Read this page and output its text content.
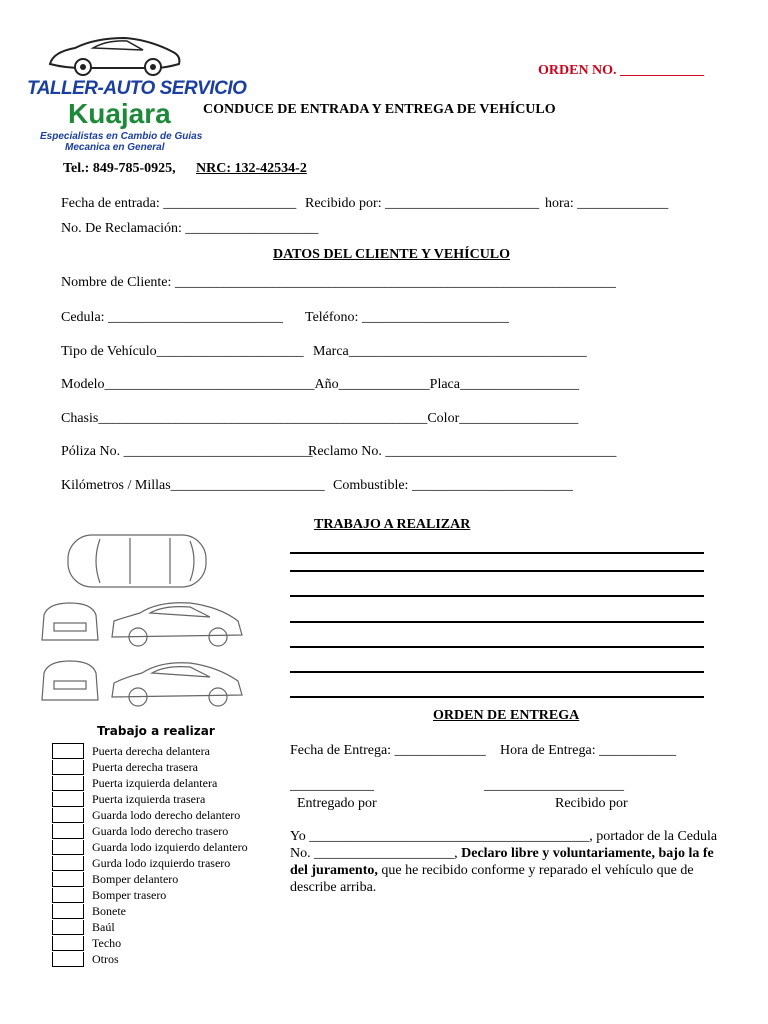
TALLER-AUTO SERVICIO
Kuajara
Especialistas en Cambio de Guias
Mecanica en General
ORDEN NO. ____________
CONDUCE DE ENTRADA Y ENTREGA DE VEHÍCULO
Tel.: 849-785-0925, NRC: 132-42534-2
Fecha de entrada: ___________________ Recibido por: ______________________ hora: _____________
No. De Reclamación: ___________________
DATOS DEL CLIENTE Y VEHÍCULO
Nombre de Cliente: _______________________________________________________________
Cedula: _________________________ Teléfono: _____________________
Tipo de Vehículo_____________________ Marca__________________________________
Modelo______________________________Año_____________Placa_________________
Chasis_______________________________________________Color_________________
Póliza No. ___________________________
Reclamo No. _________________________________
Kilómetros / Millas______________________ Combustible: _______________________
TRABAJO A REALIZAR
Trabajo a realizar
Puerta derecha delantera
Puerta derecha trasera
Puerta izquierda delantera
Puerta izquierda trasera
Guarda lodo derecho delantero
Guarda lodo derecho trasero
Guarda lodo izquierdo delantero
Gurda lodo izquierdo trasero
Bomper delantero
Bomper trasero
Bonete
Baúl
Techo
Otros
ORDEN DE ENTREGA
Fecha de Entrega: _____________ Hora de Entrega: ___________
____________	____________________
Entregado por	Recibido por
Yo ________________________________________, portador de la Cedula No. ____________________, Declaro libre y voluntariamente, bajo la fe del juramento, que he recibido conforme y reparado el vehículo que de describe arriba.
